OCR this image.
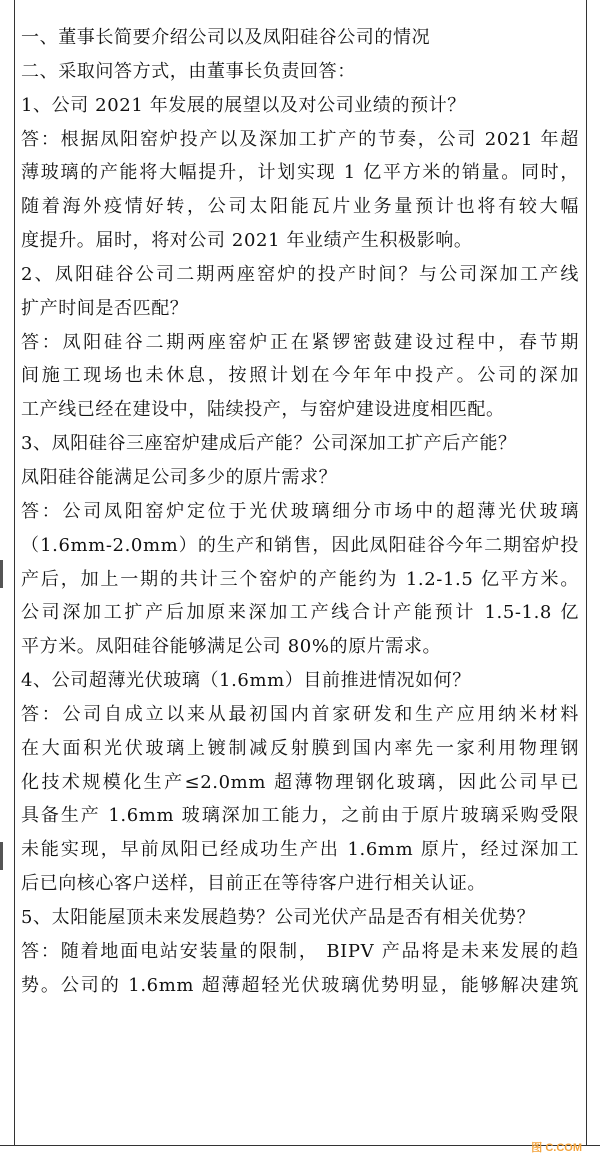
一、董事长简要介绍公司以及凤阳硅谷公司的情况
二、采取问答方式，由董事长负责回答：
1、公司 2021 年发展的展望以及对公司业绩的预计？
答：根据凤阳窑炉投产以及深加工扩产的节奏，公司 2021 年超
薄玻璃的产能将大幅提升，计划实现 1 亿平方米的销量。同时，
随着海外疫情好转，公司太阳能瓦片业务量预计也将有较大幅
度提升。届时，将对公司 2021 年业绩产生积极影响。
2、凤阳硅谷公司二期两座窑炉的投产时间？与公司深加工产线
扩产时间是否匹配？
答：凤阳硅谷二期两座窑炉正在紧锣密鼓建设过程中，春节期
间施工现场也未休息，按照计划在今年年中投产。公司的深加
工产线已经在建设中，陆续投产，与窑炉建设进度相匹配。
3、凤阳硅谷三座窑炉建成后产能？公司深加工扩产后产能？
凤阳硅谷能满足公司多少的原片需求？
答：公司凤阳窑炉定位于光伏玻璃细分市场中的超薄光伏玻璃
（1.6mm-2.0mm）的生产和销售，因此凤阳硅谷今年二期窑炉投
产后，加上一期的共计三个窑炉的产能约为 1.2-1.5 亿平方米。
公司深加工扩产后加原来深加工产线合计产能预计 1.5-1.8 亿
平方米。凤阳硅谷能够满足公司 80%的原片需求。
4、公司超薄光伏玻璃（1.6mm）目前推进情况如何？
答：公司自成立以来从最初国内首家研发和生产应用纳米材料
在大面积光伏玻璃上镀制减反射膜到国内率先一家利用物理钢
化技术规模化生产≤2.0mm 超薄物理钢化玻璃，因此公司早已
具备生产 1.6mm 玻璃深加工能力，之前由于原片玻璃采购受限
未能实现，早前凤阳已经成功生产出 1.6mm 原片，经过深加工
后已向核心客户送样，目前正在等待客户进行相关认证。
5、太阳能屋顶未来发展趋势？公司光伏产品是否有相关优势？
答：随着地面电站安装量的限制， BIPV 产品将是未来发展的趋
势。公司的 1.6mm 超薄超轻光伏玻璃优势明显，能够解决建筑
图 C.COM
